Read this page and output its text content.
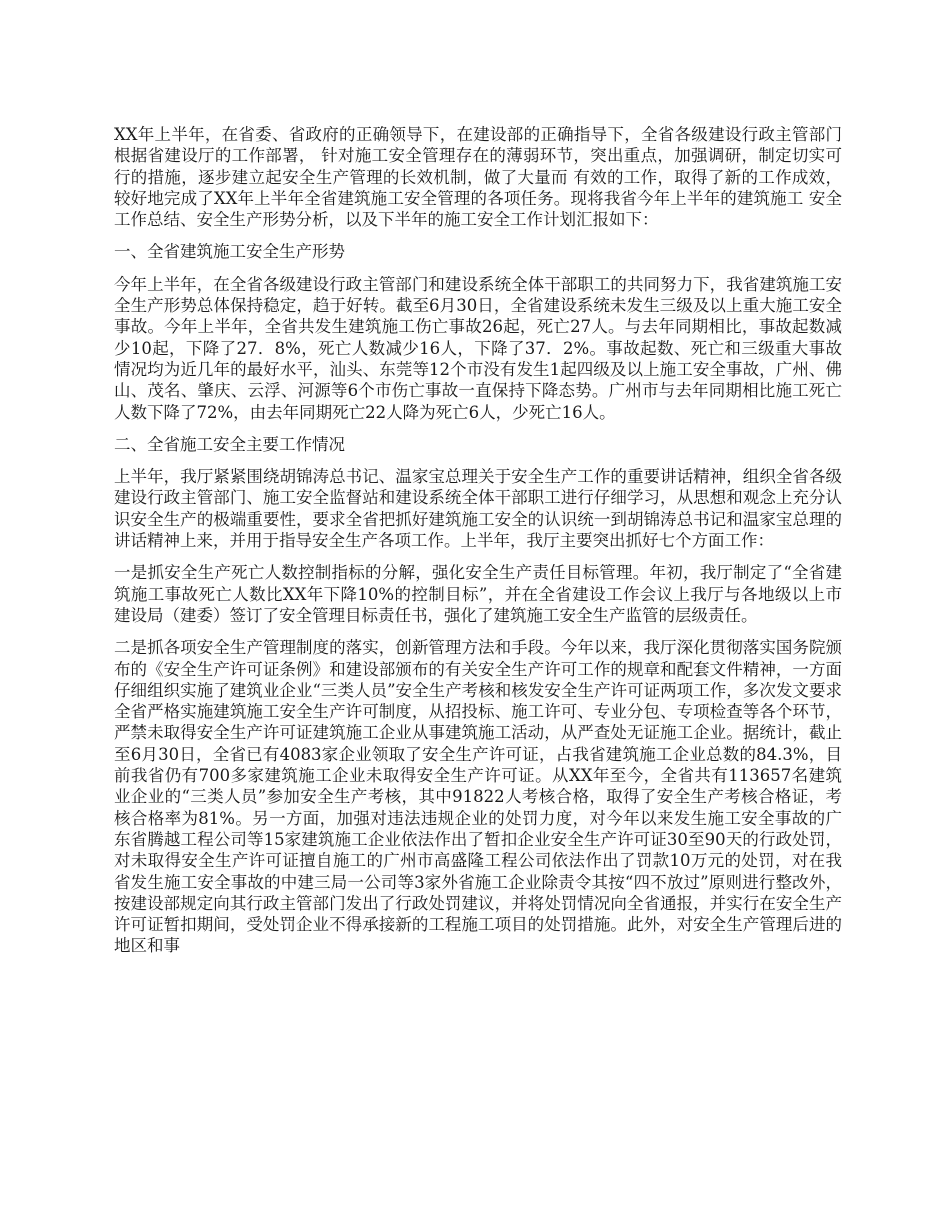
XX年上半年，在省委、省政府的正确领导下，在建设部的正确指导下，全省各级建设行政主管部门根据省建设厅的工作部署， 针对施工安全管理存在的薄弱环节，突出重点，加强调研，制定切实可行的措施，逐步建立起安全生产管理的长效机制，做了大量而 有效的工作，取得了新的工作成效，较好地完成了XX年上半年全省建筑施工安全管理的各项任务。现将我省今年上半年的建筑施工 安全工作总结、安全生产形势分析，以及下半年的施工安全工作计划汇报如下：

一、全省建筑施工安全生产形势

今年上半年，在全省各级建设行政主管部门和建设系统全体干部职工的共同努力下，我省建筑施工安全生产形势总体保持稳定，趋于好转。截至6月30日，全省建设系统未发生三级及以上重大施工安全事故。今年上半年，全省共发生建筑施工伤亡事故26起，死亡27人。与去年同期相比，事故起数减少10起，下降了27．8%，死亡人数减少16人，下降了37．2%。事故起数、死亡和三级重大事故情况均为近几年的最好水平，汕头、东莞等12个市没有发生1起四级及以上施工安全事故，广州、佛山、茂名、肇庆、云浮、河源等6个市伤亡事故一直保持下降态势。广州市与去年同期相比施工死亡人数下降了72%，由去年同期死亡22人降为死亡6人，少死亡16人。

二、全省施工安全主要工作情况

上半年，我厅紧紧围绕胡锦涛总书记、温家宝总理关于安全生产工作的重要讲话精神，组织全省各级建设行政主管部门、施工安全监督站和建设系统全体干部职工进行仔细学习，从思想和观念上充分认识安全生产的极端重要性，要求全省把抓好建筑施工安全的认识统一到胡锦涛总书记和温家宝总理的讲话精神上来，并用于指导安全生产各项工作。上半年，我厅主要突出抓好七个方面工作：

一是抓安全生产死亡人数控制指标的分解，强化安全生产责任目标管理。年初，我厅制定了“全省建筑施工事故死亡人数比XX年下降10%的控制目标”，并在全省建设工作会议上我厅与各地级以上市建设局（建委）签订了安全管理目标责任书，强化了建筑施工安全生产监管的层级责任。

二是抓各项安全生产管理制度的落实，创新管理方法和手段。今年以来，我厅深化贯彻落实国务院颁布的《安全生产许可证条例》和建设部颁布的有关安全生产许可工作的规章和配套文件精神，一方面仔细组织实施了建筑业企业“三类人员”安全生产考核和核发安全生产许可证两项工作，多次发文要求全省严格实施建筑施工安全生产许可制度，从招投标、施工许可、专业分包、专项检查等各个环节，严禁未取得安全生产许可证建筑施工企业从事建筑施工活动，从严查处无证施工企业。据统计，截止至6月30日，全省已有4083家企业领取了安全生产许可证，占我省建筑施工企业总数的84.3%，目前我省仍有700多家建筑施工企业未取得安全生产许可证。从XX年至今，全省共有113657名建筑业企业的“三类人员”参加安全生产考核，其中91822人考核合格，取得了安全生产考核合格证，考核合格率为81%。另一方面，加强对违法违规企业的处罚力度，对今年以来发生施工安全事故的广东省腾越工程公司等15家建筑施工企业依法作出了暂扣企业安全生产许可证30至90天的行政处罚，对未取得安全生产许可证擅自施工的广州市高盛隆工程公司依法作出了罚款10万元的处罚，对在我省发生施工安全事故的中建三局一公司等3家外省施工企业除责令其按“四不放过”原则进行整改外，按建设部规定向其行政主管部门发出了行政处罚建议，并将处罚情况向全省通报，并实行在安全生产许可证暂扣期间，受处罚企业不得承接新的工程施工项目的处罚措施。此外，对安全生产管理后进的地区和事
